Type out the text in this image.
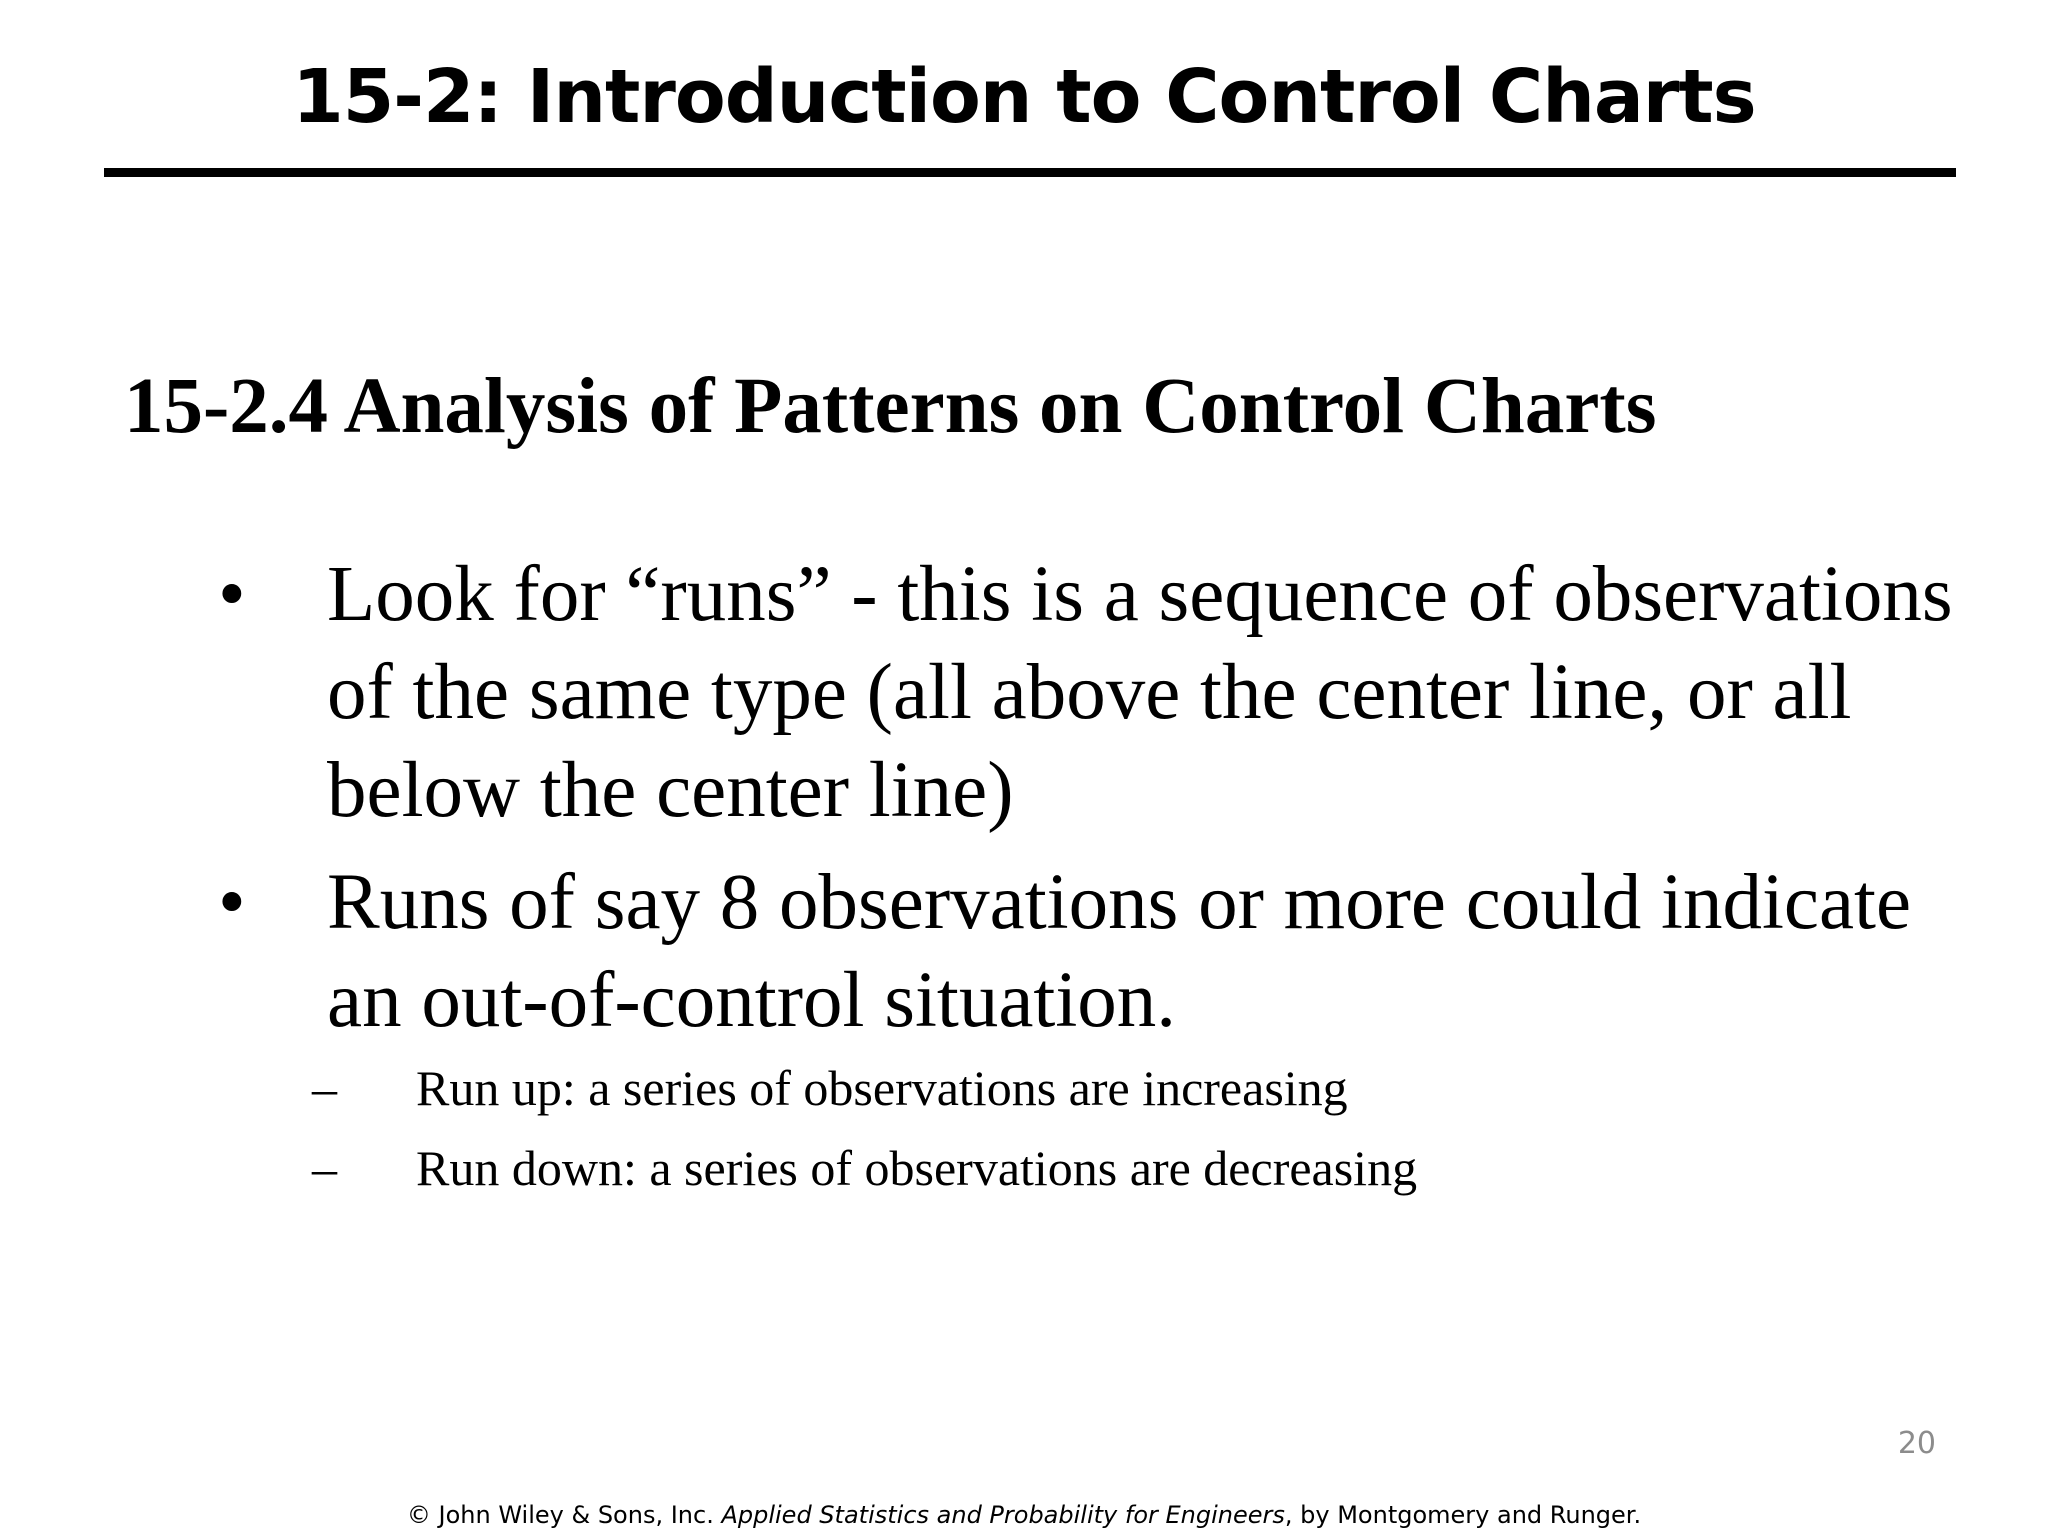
15-2: Introduction to Control Charts
15-2.4 Analysis of Patterns on Control Charts
• Look for “runs” - this is a sequence of observations of the same type (all above the center line, or all below the center line)
• Runs of say 8 observations or more could indicate an out-of-control situation.
– Run up: a series of observations are increasing
– Run down: a series of observations are decreasing
20
© John Wiley & Sons, Inc. Applied Statistics and Probability for Engineers, by Montgomery and Runger.
